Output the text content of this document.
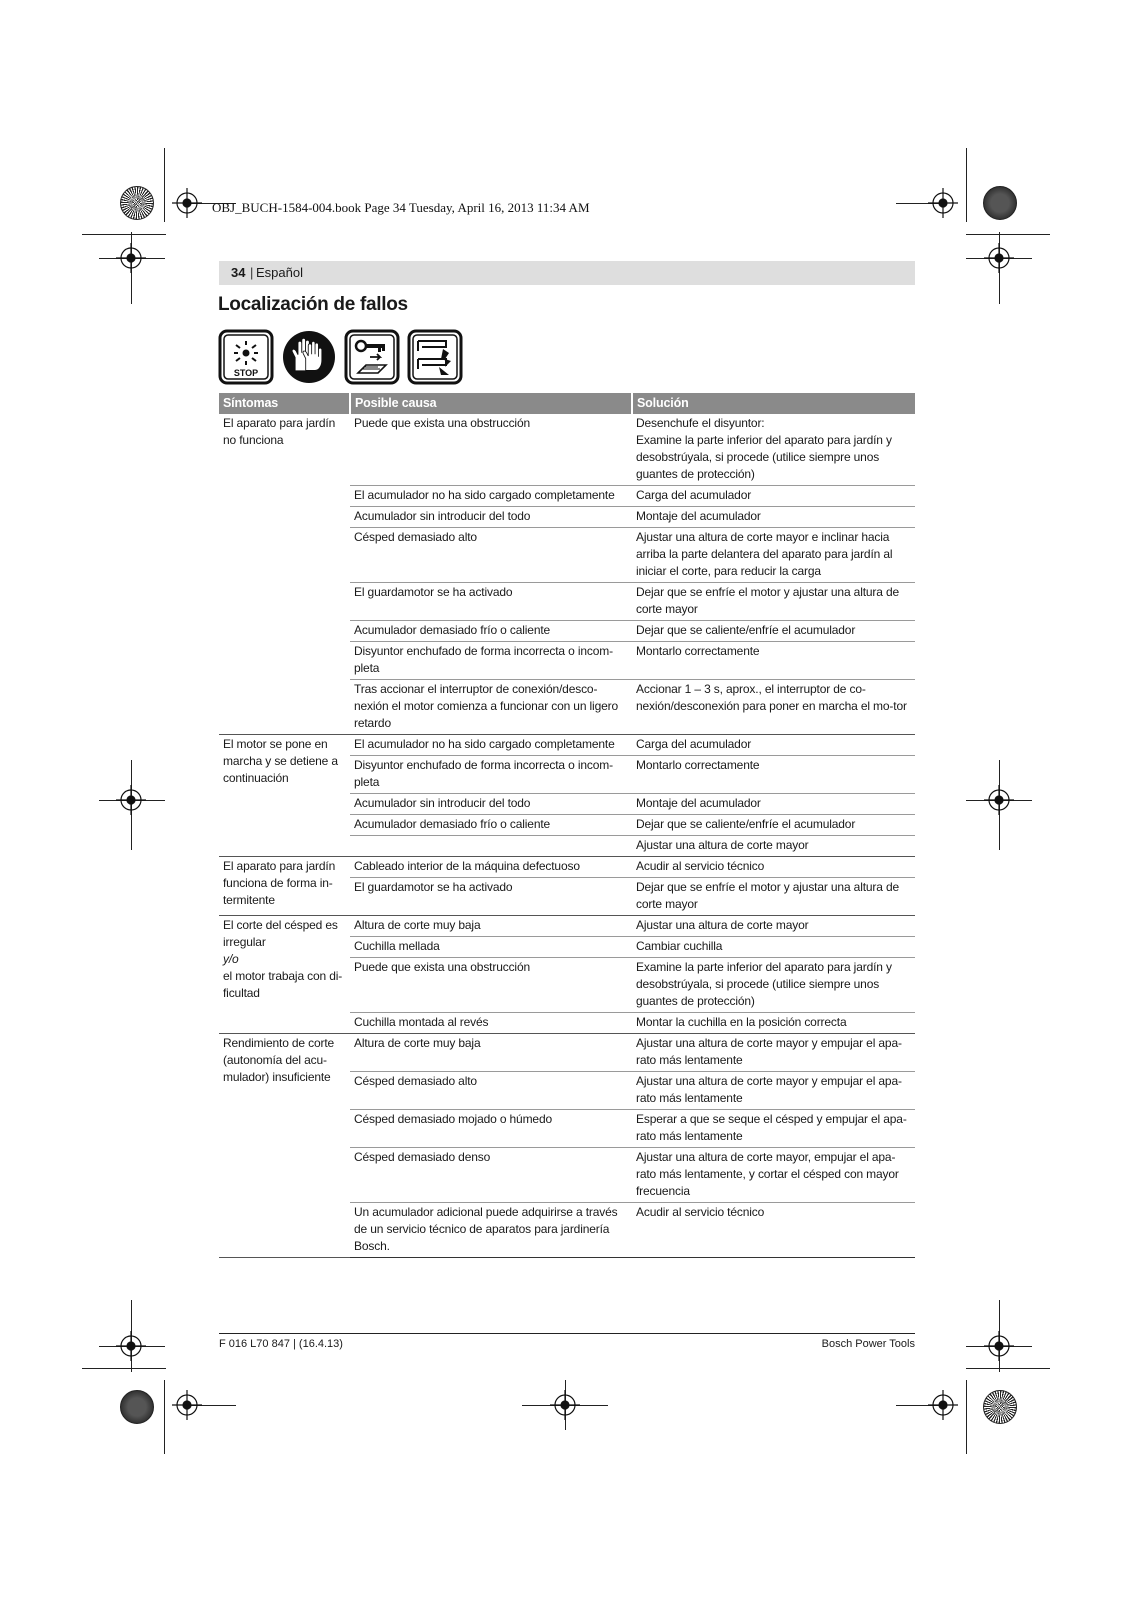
OBJ_BUCH-1584-004.book Page 34 Tuesday, April 16, 2013 11:34 AM
34 | Español
Localización de fallos
STOP
Síntomas	Posible causa	Solución

El aparato para jardín no funciona	Puede que exista una obstrucción	Desenchufe el disyuntor:
Examine la parte inferior del aparato para jardín y desobstrúyala, si procede (utilice siempre unos guantes de protección)

	El acumulador no ha sido cargado completamente	Carga del acumulador

	Acumulador sin introducir del todo	Montaje del acumulador

	Césped demasiado alto	Ajustar una altura de corte mayor e inclinar hacia arriba la parte delantera del aparato para jardín al iniciar el corte, para reducir la carga

	El guardamotor se ha activado	Dejar que se enfríe el motor y ajustar una altura de corte mayor

	Acumulador demasiado frío o caliente	Dejar que se caliente/enfríe el acumulador

	Disyuntor enchufado de forma incorrecta o incom-pleta	Montarlo correctamente

	Tras accionar el interruptor de conexión/desco-nexión el motor comienza a funcionar con un ligero retardo	Accionar 1 – 3 s, aprox., el interruptor de co-nexión/desconexión para poner en marcha el mo-tor

El motor se pone en marcha y se detiene a continuación	El acumulador no ha sido cargado completamente	Carga del acumulador

	Disyuntor enchufado de forma incorrecta o incom-pleta	Montarlo correctamente

	Acumulador sin introducir del todo	Montaje del acumulador

	Acumulador demasiado frío o caliente	Dejar que se caliente/enfríe el acumulador

		Ajustar una altura de corte mayor

El aparato para jardín funciona de forma in-termitente	Cableado interior de la máquina defectuoso	Acudir al servicio técnico

	El guardamotor se ha activado	Dejar que se enfríe el motor y ajustar una altura de corte mayor

El corte del césped es irregular
y/o
el motor trabaja con di-ficultad	Altura de corte muy baja	Ajustar una altura de corte mayor

	Cuchilla mellada	Cambiar cuchilla

	Puede que exista una obstrucción	Examine la parte inferior del aparato para jardín y desobstrúyala, si procede (utilice siempre unos guantes de protección)

	Cuchilla montada al revés	Montar la cuchilla en la posición correcta

Rendimiento de corte (autonomía del acu-mulador) insuficiente	Altura de corte muy baja	Ajustar una altura de corte mayor y empujar el apa-rato más lentamente

	Césped demasiado alto	Ajustar una altura de corte mayor y empujar el apa-rato más lentamente

	Césped demasiado mojado o húmedo	Esperar a que se seque el césped y empujar el apa-rato más lentamente

	Césped demasiado denso	Ajustar una altura de corte mayor, empujar el apa-rato más lentamente, y cortar el césped con mayor frecuencia

	Un acumulador adicional puede adquirirse a través de un servicio técnico de aparatos para jardinería Bosch.	Acudir al servicio técnico
F 016 L70 847 | (16.4.13)	Bosch Power Tools
